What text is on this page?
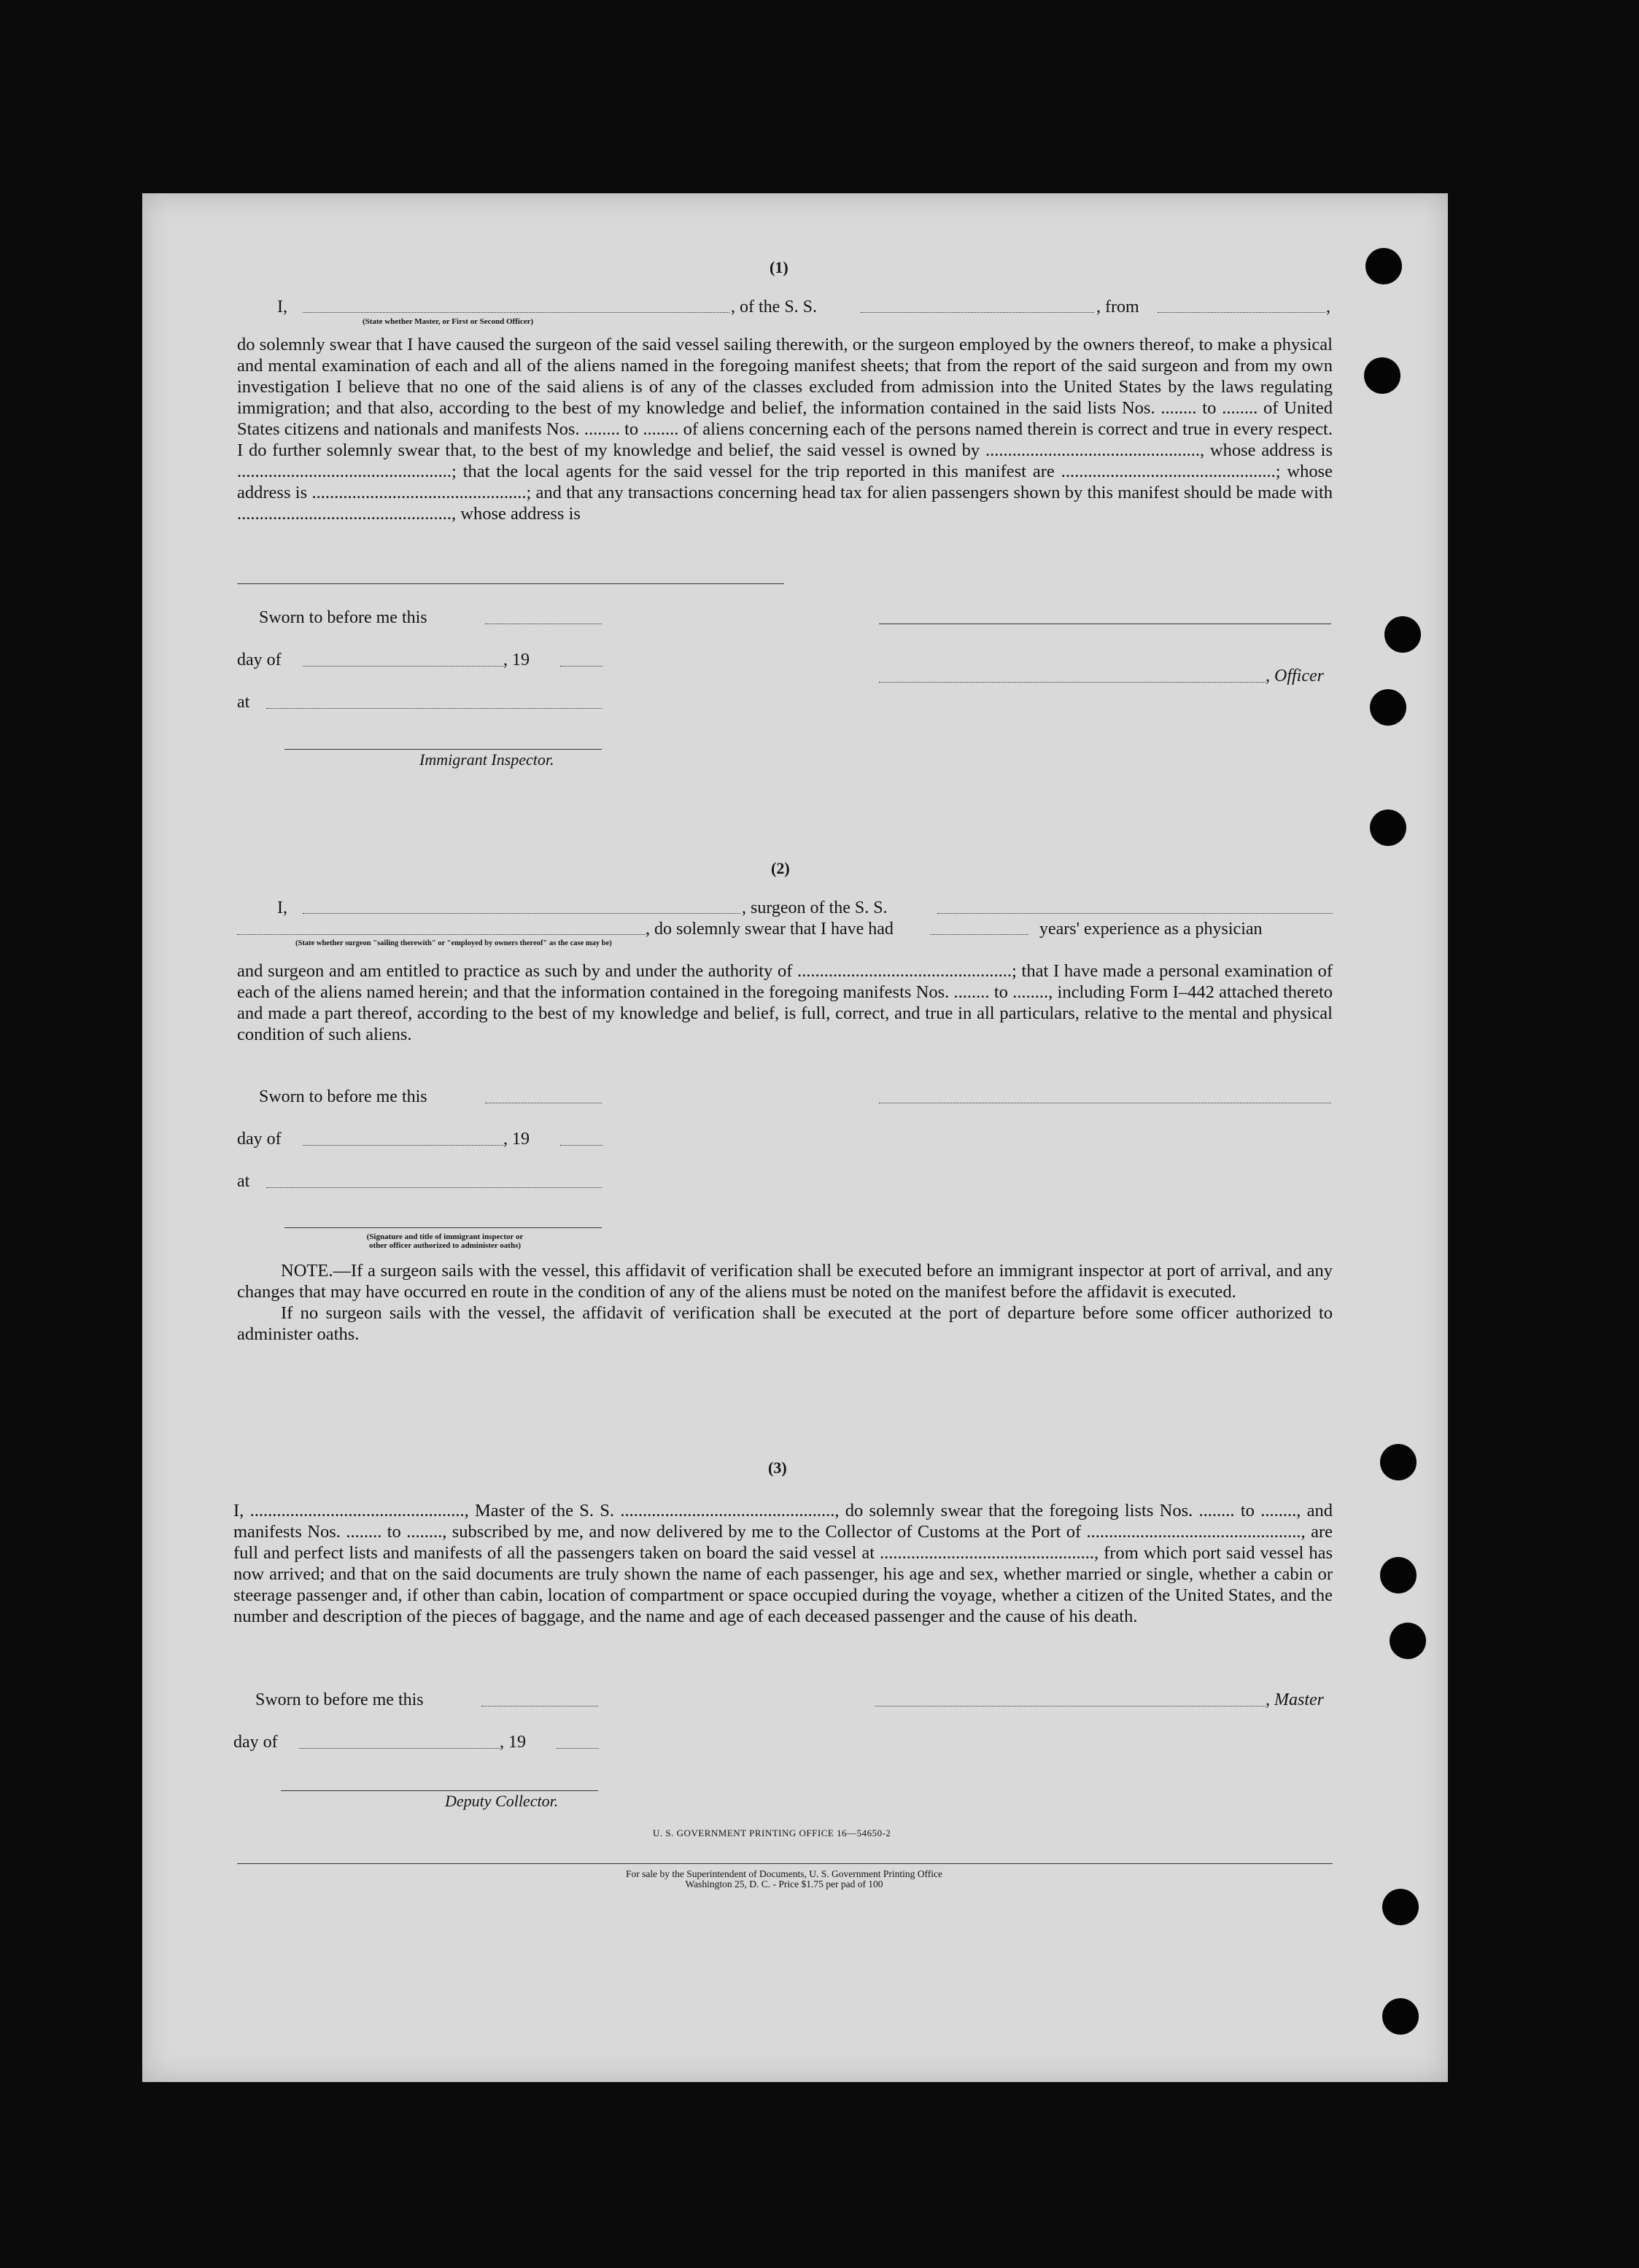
(1)
I,	, of the S. S.	, from	,
(State whether Master, or First or Second Officer)

do solemnly swear that I have caused the surgeon of the said vessel sailing therewith, or the surgeon employed by the owners thereof, to make a physical and mental examination of each and all of the aliens named in the foregoing manifest sheets; that from the report of the said surgeon and from my own investigation I believe that no one of the said aliens is of any of the classes excluded from admission into the United States by the laws regulating immigration; and that also, according to the best of my knowledge and belief, the information contained in the said lists Nos. ........ to ........ of United States citizens and nationals and manifests Nos. ........ to ........ of aliens concerning each of the persons named therein is correct and true in every respect. I do further solemnly swear that, to the best of my knowledge and belief, the said vessel is owned by ................................................, whose address is ................................................; that the local agents for the said vessel for the trip reported in this manifest are ................................................; whose address is ................................................; and that any transactions concerning head tax for alien passengers shown by this manifest should be made with ................................................, whose address is

Sworn to before me this
day of	, 19
, Officer
at
Immigrant Inspector.
(2)
I,	, surgeon of the S. S.
, do solemnly swear that I have had	years' experience as a physician
(State whether surgeon "sailing therewith" or "employed by owners thereof" as the case may be)

and surgeon and am entitled to practice as such by and under the authority of ................................................; that I have made a personal examination of each of the aliens named herein; and that the information contained in the foregoing manifests Nos. ........ to ........, including Form I–442 attached thereto and made a part thereof, according to the best of my knowledge and belief, is full, correct, and true in all particulars, relative to the mental and physical condition of such aliens.

Sworn to before me this
day of	, 19
at
(Signature and title of immigrant inspector or
other officer authorized to administer oaths)

NOTE.—If a surgeon sails with the vessel, this affidavit of verification shall be executed before an immigrant inspector at port of arrival, and any changes that may have occurred en route in the condition of any of the aliens must be noted on the manifest before the affidavit is executed.

If no surgeon sails with the vessel, the affidavit of verification shall be executed at the port of departure before some officer authorized to administer oaths.

(3)

I, ................................................, Master of the S. S. ................................................, do solemnly swear that the foregoing lists Nos. ........ to ........, and manifests Nos. ........ to ........, subscribed by me, and now delivered by me to the Collector of Customs at the Port of ................................................, are full and perfect lists and manifests of all the passengers taken on board the said vessel at ................................................, from which port said vessel has now arrived; and that on the said documents are truly shown the name of each passenger, his age and sex, whether married or single, whether a cabin or steerage passenger and, if other than cabin, location of compartment or space occupied during the voyage, whether a citizen of the United States, and the number and description of the pieces of baggage, and the name and age of each deceased passenger and the cause of his death.

Sworn to before me this	, Master
day of	, 19
Deputy Collector.
U. S. GOVERNMENT PRINTING OFFICE 16—54650-2
For sale by the Superintendent of Documents, U. S. Government Printing Office
Washington 25, D. C. - Price $1.75 per pad of 100
